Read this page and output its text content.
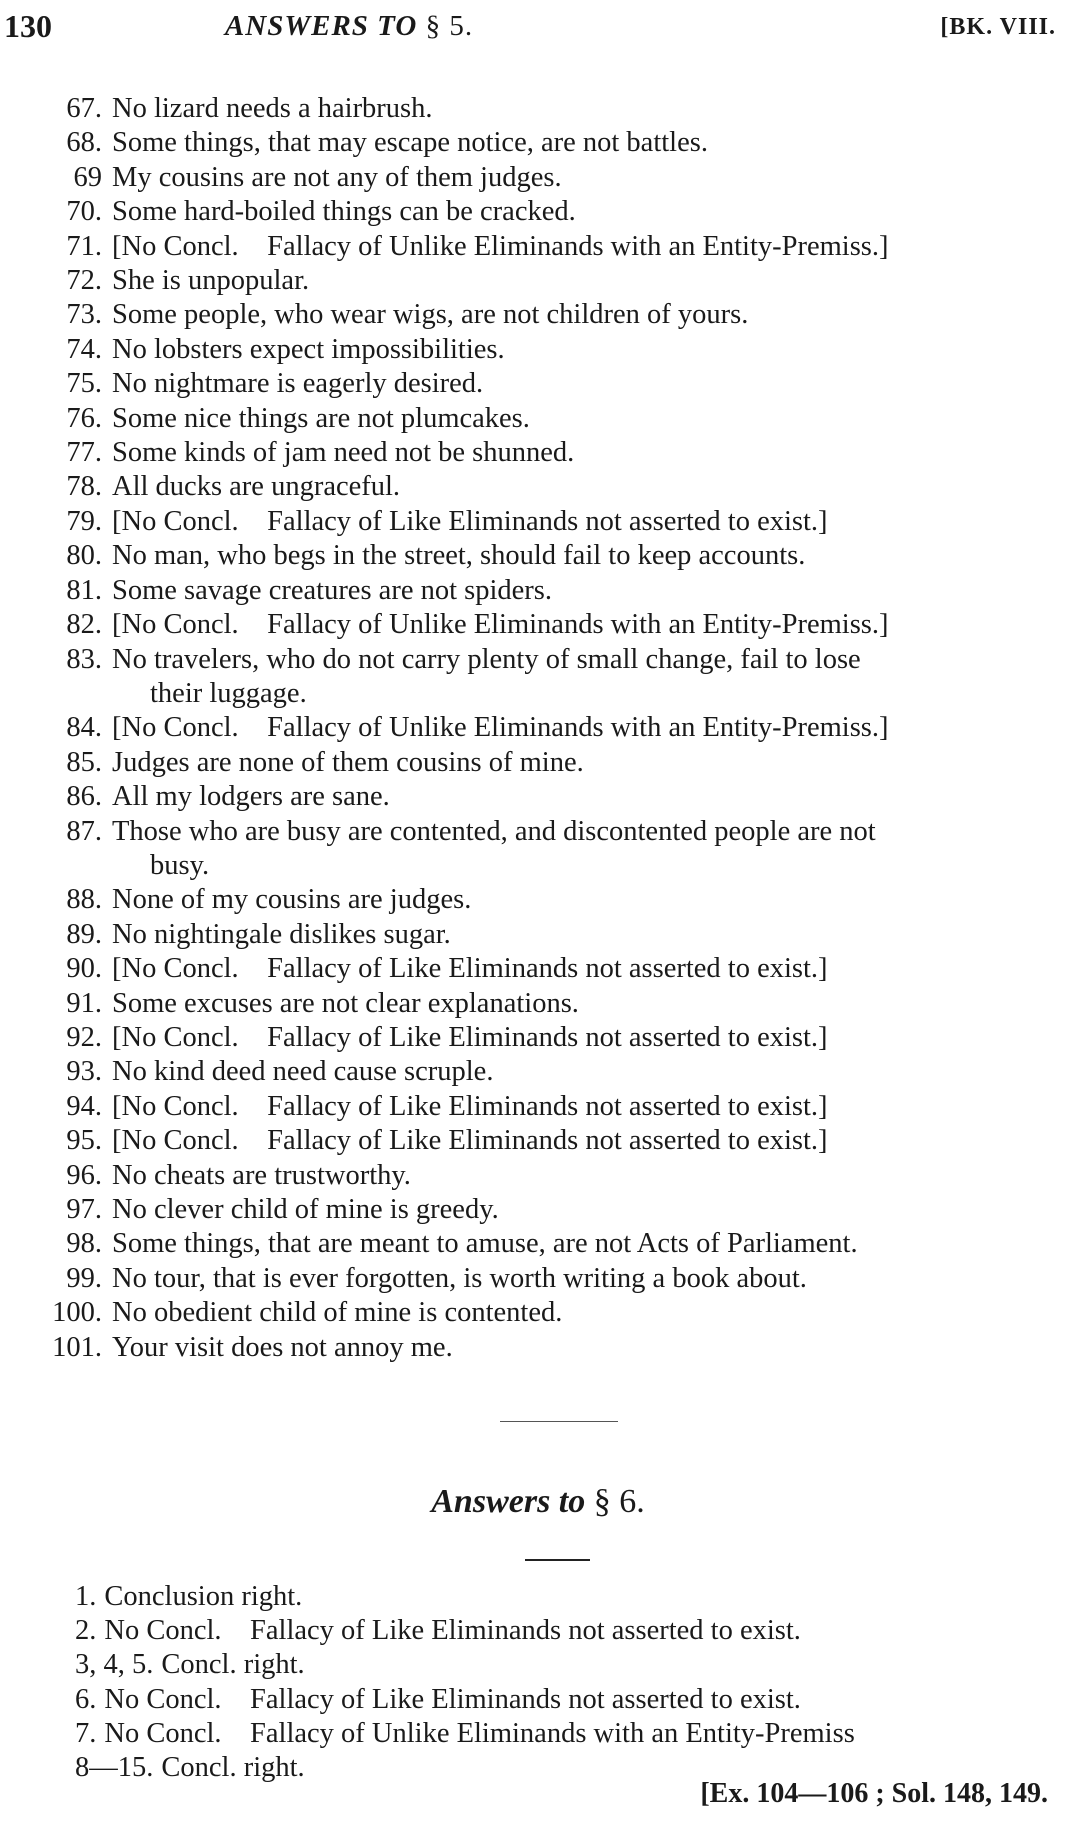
130	ANSWERS TO § 5.	[BK. VIII.
67. No lizard needs a hairbrush.
68. Some things, that may escape notice, are not battles.
69 My cousins are not any of them judges.
70. Some hard-boiled things can be cracked.
71. [No Concl.    Fallacy of Unlike Eliminands with an Entity-Premiss.]
72. She is unpopular.
73. Some people, who wear wigs, are not children of yours.
74. No lobsters expect impossibilities.
75. No nightmare is eagerly desired.
76. Some nice things are not plumcakes.
77. Some kinds of jam need not be shunned.
78. All ducks are ungraceful.
79. [No Concl.    Fallacy of Like Eliminands not asserted to exist.]
80. No man, who begs in the street, should fail to keep accounts.
81. Some savage creatures are not spiders.
82. [No Concl.    Fallacy of Unlike Eliminands with an Entity-Premiss.]
83. No travelers, who do not carry plenty of small change, fail to lose
their luggage.
84. [No Concl.    Fallacy of Unlike Eliminands with an Entity-Premiss.]
85. Judges are none of them cousins of mine.
86. All my lodgers are sane.
87. Those who are busy are contented, and discontented people are not
busy.
88. None of my cousins are judges.
89. No nightingale dislikes sugar.
90. [No Concl.    Fallacy of Like Eliminands not asserted to exist.]
91. Some excuses are not clear explanations.
92. [No Concl.    Fallacy of Like Eliminands not asserted to exist.]
93. No kind deed need cause scruple.
94. [No Concl.    Fallacy of Like Eliminands not asserted to exist.]
95. [No Concl.    Fallacy of Like Eliminands not asserted to exist.]
96. No cheats are trustworthy.
97. No clever child of mine is greedy.
98. Some things, that are meant to amuse, are not Acts of Parliament.
99. No tour, that is ever forgotten, is worth writing a book about.
100. No obedient child of mine is contented.
101. Your visit does not annoy me.
Answers to § 6.
1. Conclusion right.
2. No Concl.    Fallacy of Like Eliminands not asserted to exist.
3, 4, 5. Concl. right.
6. No Concl.    Fallacy of Like Eliminands not asserted to exist.
7. No Concl.    Fallacy of Unlike Eliminands with an Entity-Premiss
8—15. Concl. right.
[Ex. 104—106 ; Sol. 148, 149.
